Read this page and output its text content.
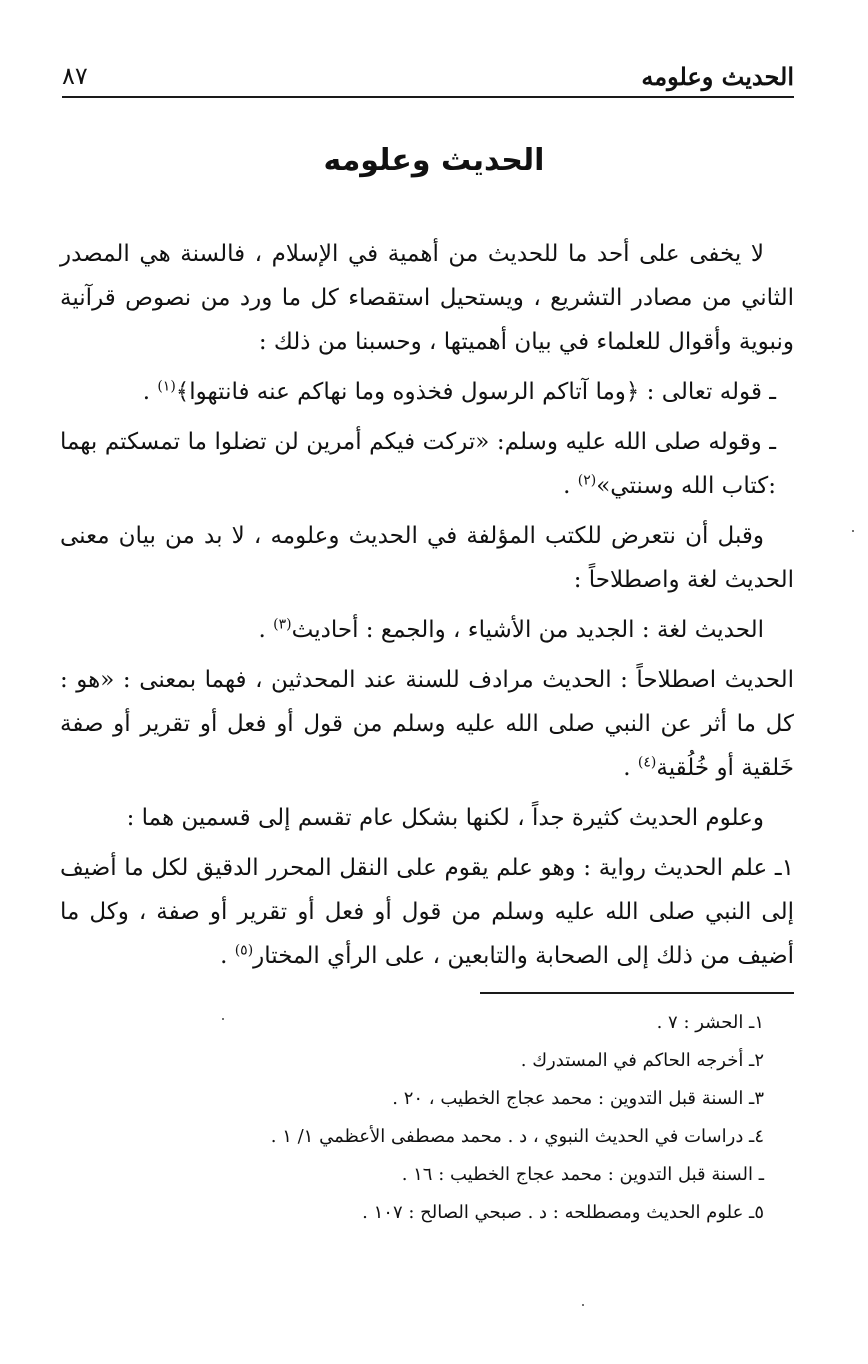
الحديث وعلومه
٨٧
الحديث وعلومه

لا يخفى على أحد ما للحديث من أهمية في الإسلام ، فالسنة هي المصدر الثاني من مصادر التشريع ، ويستحيل استقصاء كل ما ورد من نصوص قرآنية ونبوية وأقوال للعلماء في بيان أهميتها ، وحسبنا من ذلك :

ـ قوله تعالى : ﴿وما آتاكم الرسول فخذوه وما نهاكم عنه فانتهوا﴾$^{(١)}$ .

ـ وقوله صلى الله عليه وسلم: «تركت فيكم أمرين لن تضلوا ما تمسكتم بهما :كتاب الله وسنتي»$^{(٢)}$ .

وقبل أن نتعرض للكتب المؤلفة في الحديث وعلومه ، لا بد من بيان معنى الحديث لغة واصطلاحاً :

الحديث لغة : الجديد من الأشياء ، والجمع : أحاديث$^{(٣)}$ .

الحديث اصطلاحاً : الحديث مرادف للسنة عند المحدثين ، فهما بمعنى : «هو : كل ما أثر عن النبي صلى الله عليه وسلم من قول أو فعل أو تقرير أو صفة خَلقية أو خُلُقية$^{(٤)}$ .

وعلوم الحديث كثيرة جداً ، لكنها بشكل عام تقسم إلى قسمين هما :

١ـ علم الحديث رواية : وهو علم يقوم على النقل المحرر الدقيق لكل ما أضيف إلى النبي صلى الله عليه وسلم من قول أو فعل أو تقرير أو صفة ، وكل ما أضيف من ذلك إلى الصحابة والتابعين ، على الرأي المختار$^{(٥)}$ .

١ـ الحشر : ٧ .
٢ـ أخرجه الحاكم في المستدرك .
٣ـ السنة قبل التدوين : محمد عجاج الخطيب ، ٢٠ .
٤ـ دراسات في الحديث النبوي ، د . محمد مصطفى الأعظمي ١/ ١ .
ـ السنة قبل التدوين : محمد عجاج الخطيب : ١٦ .
٥ـ علوم الحديث ومصطلحه : د . صبحي الصالح : ١٠٧ .
